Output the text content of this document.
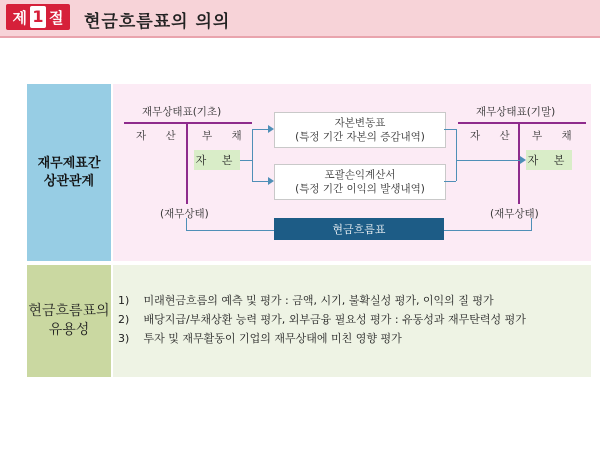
제 1 절 현금흐름표의 의의
재무제표간
상관관계
재무상태표(기초)
자 산 부 채
자 본
(재무상태)
재무상태표(기말)
자 산 부 채
자 본
(재무상태)
자본변동표
(특정 기간 자본의 증감내역)
포괄손익계산서
(특정 기간 이익의 발생내역)
현금흐름표
현금흐름표의
유용성
1) 미래현금흐름의 예측 및 평가 : 금액, 시기, 불확실성 평가, 이익의 질 평가
2) 배당지급/부채상환 능력 평가, 외부금융 필요성 평가 : 유동성과 재무탄력성 평가
3) 투자 및 재무활동이 기업의 재무상태에 미친 영향 평가
